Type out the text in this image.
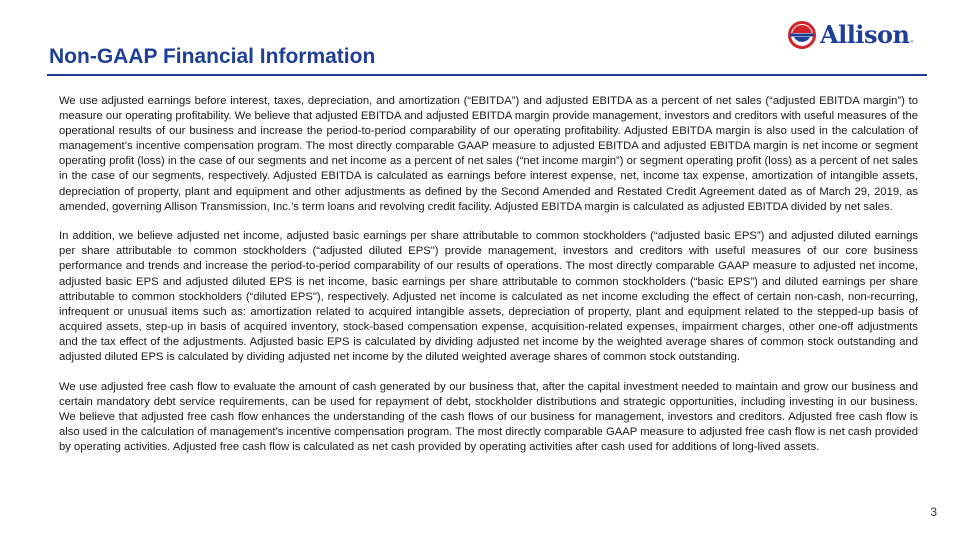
Non-GAAP Financial Information
Allison ®

We use adjusted earnings before interest, taxes, depreciation, and amortization (“EBITDA”) and adjusted EBITDA as a percent of net sales (“adjusted EBITDA margin”) to measure our operating profitability. We believe that adjusted EBITDA and adjusted EBITDA margin provide management, investors and creditors with useful measures of the operational results of our business and increase the period-to-period comparability of our operating profitability. Adjusted EBITDA margin is also used in the calculation of management’s incentive compensation program. The most directly comparable GAAP measure to adjusted EBITDA and adjusted EBITDA margin is net income or segment operating profit (loss) in the case of our segments and net income as a percent of net sales (“net income margin”) or segment operating profit (loss) as a percent of net sales in the case of our segments, respectively. Adjusted EBITDA is calculated as earnings before interest expense, net, income tax expense, amortization of intangible assets, depreciation of property, plant and equipment and other adjustments as defined by the Second Amended and Restated Credit Agreement dated as of March 29, 2019, as amended, governing Allison Transmission, Inc.’s term loans and revolving credit facility. Adjusted EBITDA margin is calculated as adjusted EBITDA divided by net sales.

In addition, we believe adjusted net income, adjusted basic earnings per share attributable to common stockholders (“adjusted basic EPS”) and adjusted diluted earnings per share attributable to common stockholders (“adjusted diluted EPS") provide management, investors and creditors with useful measures of our core business performance and trends and increase the period-to-period comparability of our results of operations. The most directly comparable GAAP measure to adjusted net income, adjusted basic EPS and adjusted diluted EPS is net income, basic earnings per share attributable to common stockholders (“basic EPS”) and diluted earnings per share attributable to common stockholders (“diluted EPS"), respectively. Adjusted net income is calculated as net income excluding the effect of certain non-cash, non-recurring, infrequent or unusual items such as: amortization related to acquired intangible assets, depreciation of property, plant and equipment related to the stepped-up basis of acquired assets, step-up in basis of acquired inventory, stock-based compensation expense, acquisition-related expenses, impairment charges, other one-off adjustments and the tax effect of the adjustments. Adjusted basic EPS is calculated by dividing adjusted net income by the weighted average shares of common stock outstanding and adjusted diluted EPS is calculated by dividing adjusted net income by the diluted weighted average shares of common stock outstanding.

We use adjusted free cash flow to evaluate the amount of cash generated by our business that, after the capital investment needed to maintain and grow our business and certain mandatory debt service requirements, can be used for repayment of debt, stockholder distributions and strategic opportunities, including investing in our business. We believe that adjusted free cash flow enhances the understanding of the cash flows of our business for management, investors and creditors. Adjusted free cash flow is also used in the calculation of management’s incentive compensation program. The most directly comparable GAAP measure to adjusted free cash flow is net cash provided by operating activities. Adjusted free cash flow is calculated as net cash provided by operating activities after cash used for additions of long-lived assets.

3
